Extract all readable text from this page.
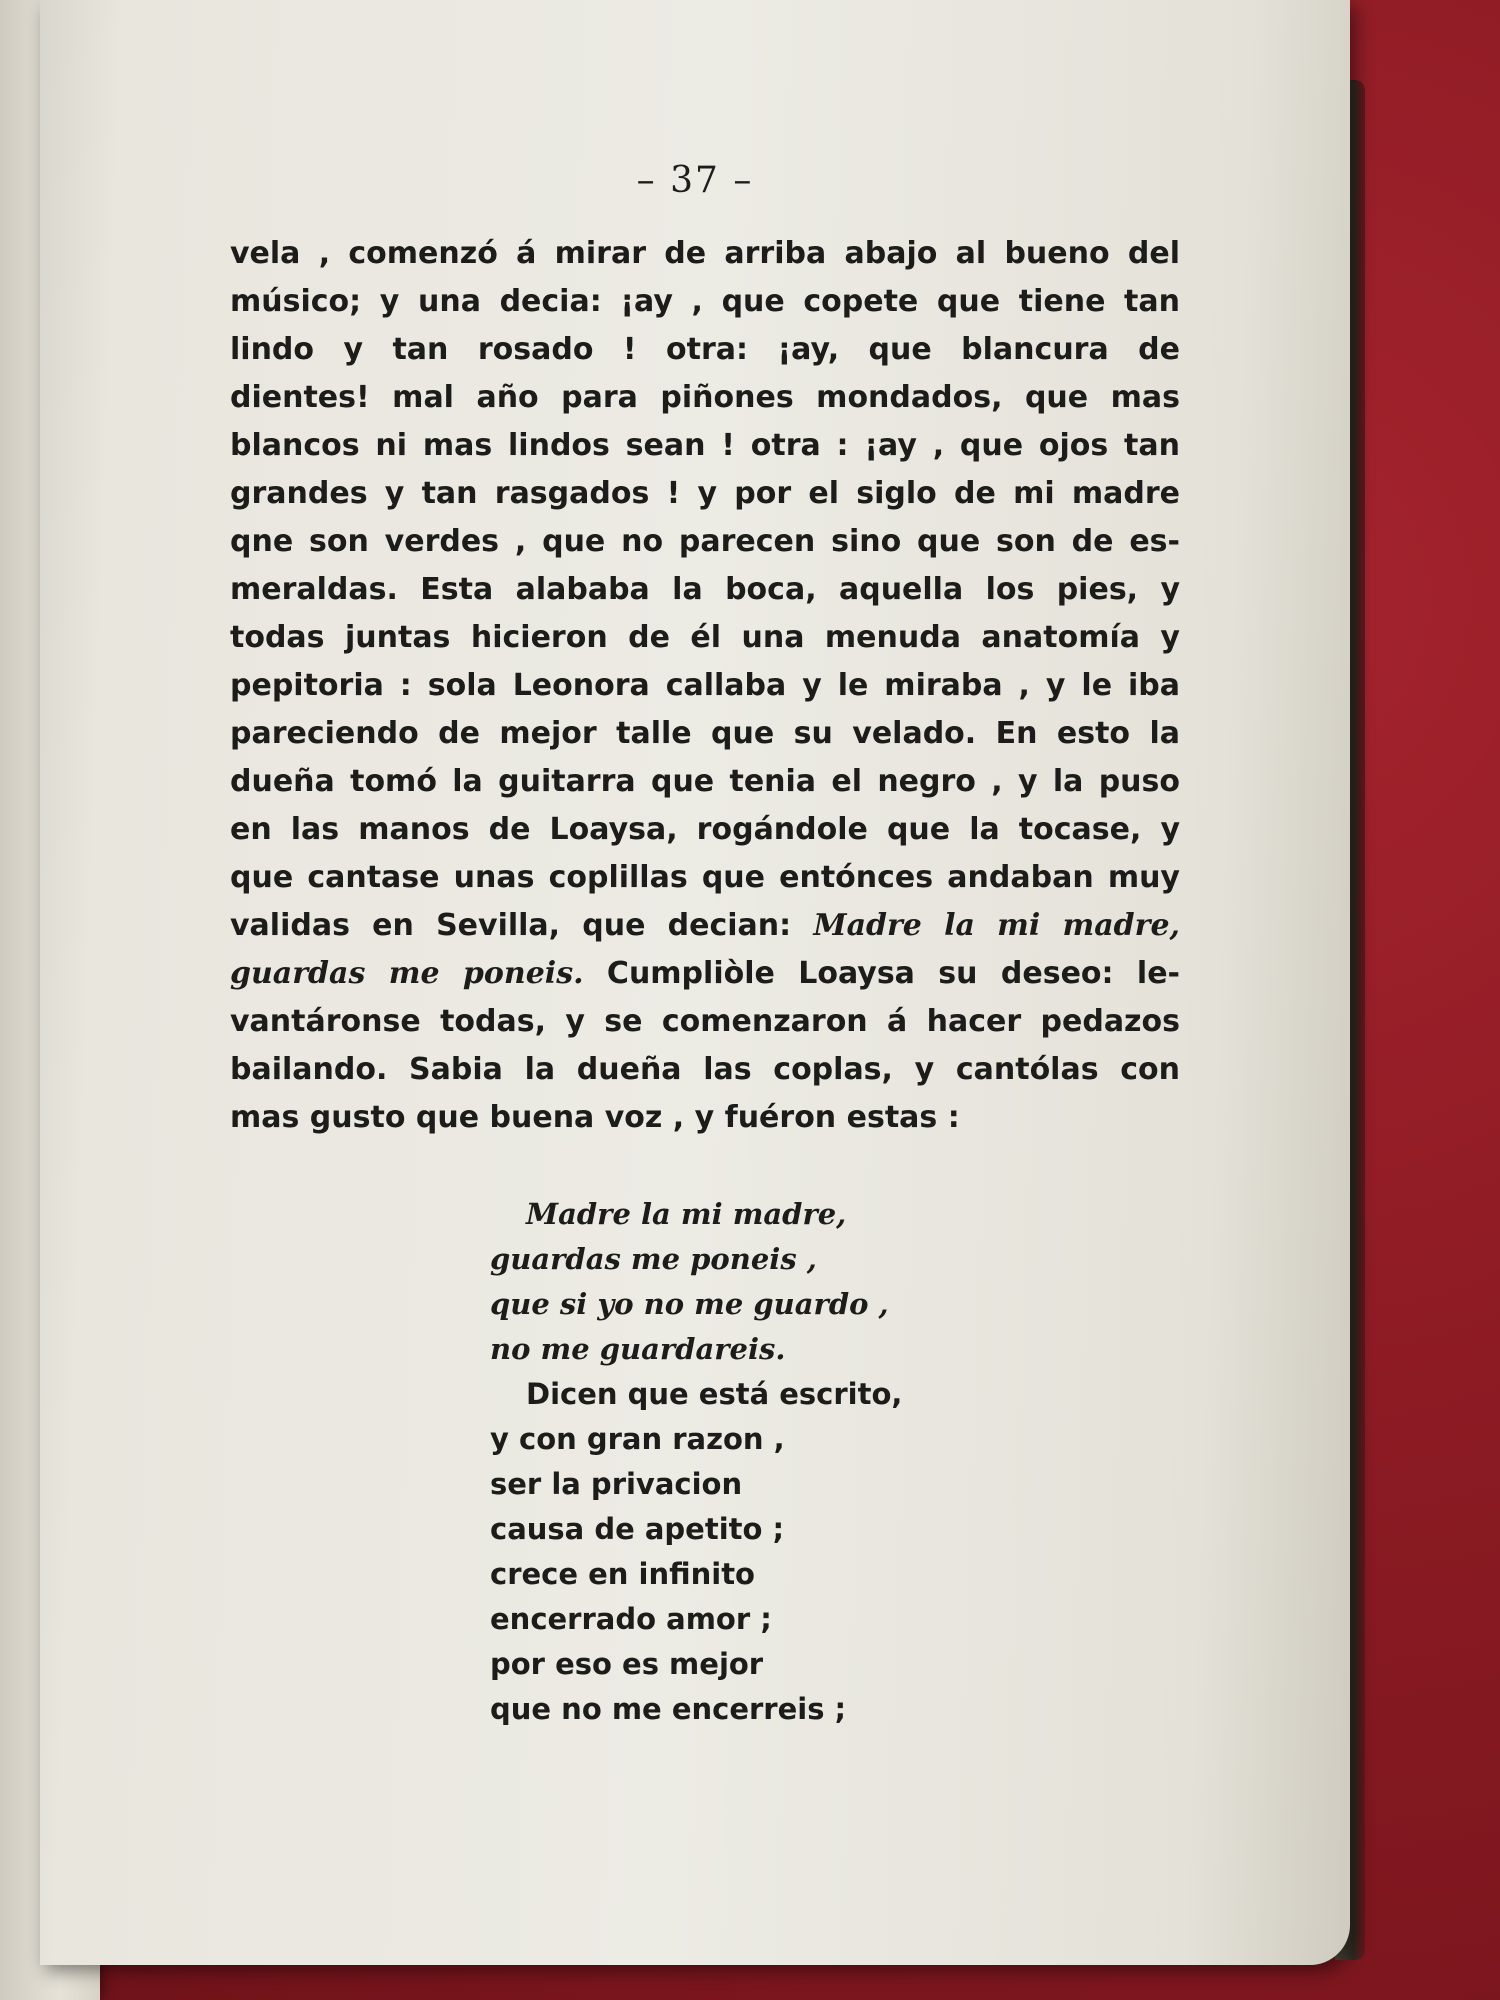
– 37 –
vela , comenzó á mirar de arriba abajo al bueno del
músico; y una decia: ¡ay , que copete que tiene tan
lindo y tan rosado ! otra: ¡ay, que blancura de
dientes! mal año para piñones mondados, que mas
blancos ni mas lindos sean ! otra : ¡ay , que ojos tan
grandes y tan rasgados ! y por el siglo de mi madre
qne son verdes , que no parecen sino que son de es-
meraldas. Esta alababa la boca, aquella los pies, y
todas juntas hicieron de él una menuda anatomía y
pepitoria : sola Leonora callaba y le miraba , y le iba
pareciendo de mejor talle que su velado. En esto la
dueña tomó la guitarra que tenia el negro , y la puso
en las manos de Loaysa, rogándole que la tocase, y
que cantase unas coplillas que entónces andaban muy
validas en Sevilla, que decian: Madre la mi madre,
guardas me poneis. Cumpliòle Loaysa su deseo: le-
vantáronse todas, y se comenzaron á hacer pedazos
bailando. Sabia la dueña las coplas, y cantólas con
mas gusto que buena voz , y fuéron estas :
Madre la mi madre,
guardas me poneis ,
que si yo no me guardo ,
no me guardareis.
Dicen que está escrito,
y con gran razon ,
ser la privacion
causa de apetito ;
crece en infinito
encerrado amor ;
por eso es mejor
que no me encerreis ;
